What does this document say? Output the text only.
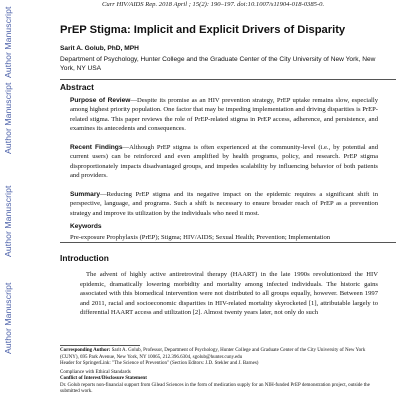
Author Manuscript
Author Manuscript
Author Manuscript
Author Manuscript
Curr HIV/AIDS Rep. 2018 April ; 15(2): 190–197. doi:10.1007/s11904-018-0385-0.
PrEP Stigma: Implicit and Explicit Drivers of Disparity
Sarit A. Golub, PhD, MPH
Department of Psychology, Hunter College and the Graduate Center of the City University of New York, New York, NY USA
Abstract
Purpose of Review—Despite its promise as an HIV prevention strategy, PrEP uptake remains slow, especially among highest priority population. One factor that may be impeding implementation and driving disparities is PrEP-related stigma. This paper reviews the role of PrEP-related stigma in PrEP access, adherence, and persistence, and examines its antecedents and consequences.
Recent Findings—Although PrEP stigma is often experienced at the community-level (i.e., by potential and current users) can be reinforced and even amplified by health programs, policy, and research. PrEP stigma disproportionately impacts disadvantaged groups, and impedes scalability by influencing behavior of both patients and providers.
Summary—Reducing PrEP stigma and its negative impact on the epidemic requires a significant shift in perspective, language, and programs. Such a shift is necessary to ensure broader reach of PrEP as a prevention strategy and improve its utilization by the individuals who need it most.
Keywords
Pre-exposure Prophylaxis (PrEP); Stigma; HIV/AIDS; Sexual Health; Prevention; Implementation
Introduction
The advent of highly active antiretroviral therapy (HAART) in the late 1990s revolutionized the HIV epidemic, dramatically lowering morbidity and mortality among infected individuals. The historic gains associated with this biomedical intervention were not distributed to all groups equally, however. Between 1997 and 2011, racial and socioeconomic disparities in HIV-related mortality skyrocketed [1], attributable largely to differential HAART access and utilization [2]. Almost twenty years later, not only do such
Corresponding Author: Sarit A. Golub, Professor, Department of Psychology, Hunter College and Graduate Center of the City University of New York (CUNY), 695 Park Avenue, New York, NY 10065, 212.396.6304, sgolub@hunter.cuny.edu
Header for SpringerLink: "The Science of Prevention" (Section Editors: J.D. Stekler and J. Barnes)
Compliance with Ethical Standards
Conflict of Interest/Disclosure Statement
Dr. Golub reports non-financial support from Gilead Sciences in the form of medication supply for an NIH-funded PrEP demonstration project, outside the submitted work.
